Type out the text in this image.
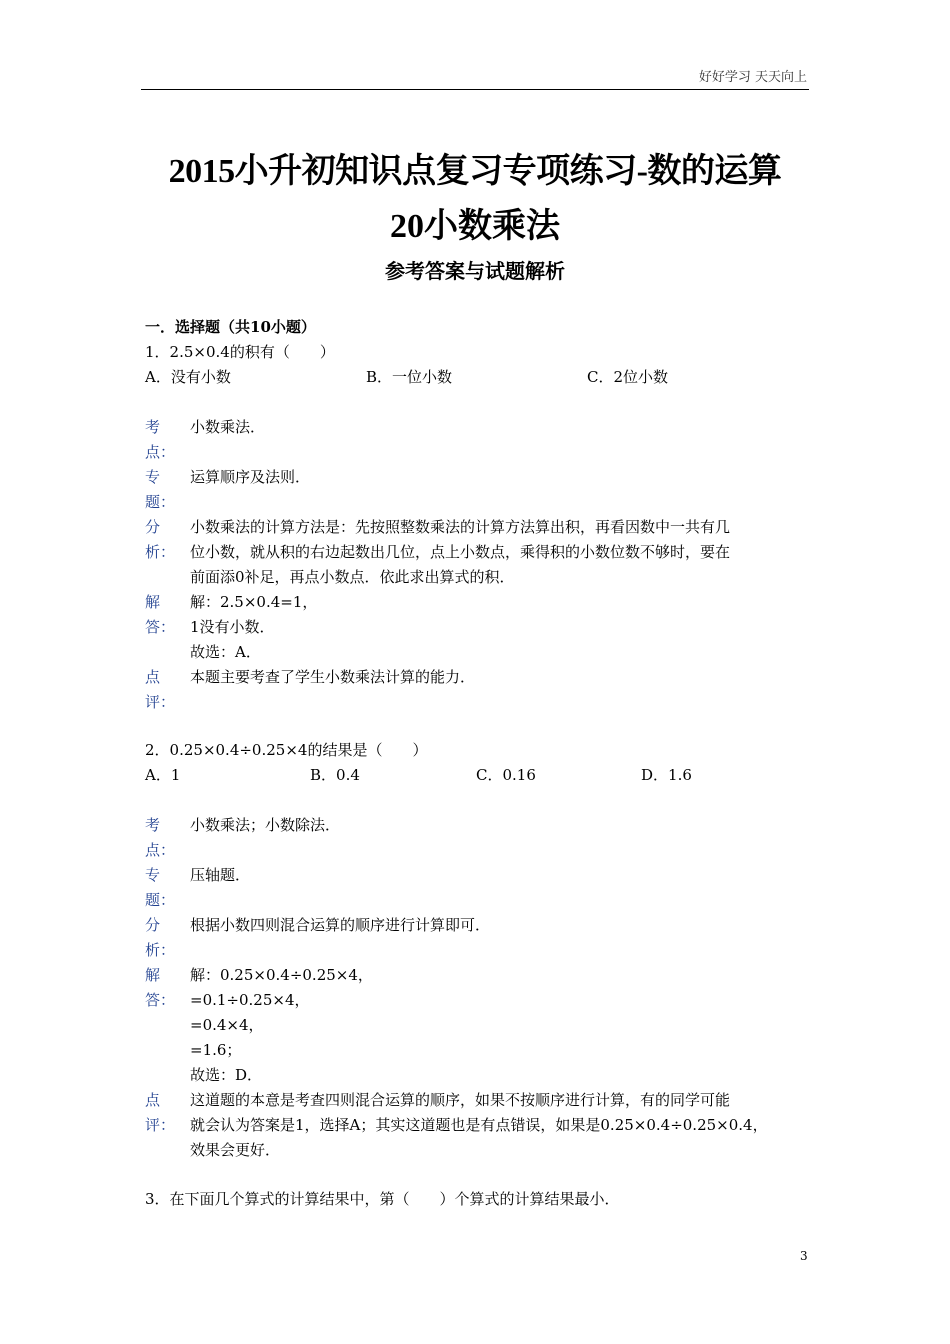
好好学习 天天向上
2015小升初知识点复习专项练习-数的运算
20小数乘法
参考答案与试题解析
一．选择题（共10小题）
1．2.5×0.4的积有（　　）
A．没有小数	B．一位小数	C．2位小数
考
点：
小数乘法．
专
题：
运算顺序及法则．
分
析：
小数乘法的计算方法是：先按照整数乘法的计算方法算出积，再看因数中一共有几
位小数，就从积的右边起数出几位，点上小数点，乘得积的小数位数不够时，要在
前面添0补足，再点小数点．依此求出算式的积．
解
答：
解：2.5×0.4=1，
1没有小数．
故选：A．
点
评：
本题主要考查了学生小数乘法计算的能力．
2．0.25×0.4÷0.25×4的结果是（　　）
A．1	B．0.4	C．0.16	D．1.6
考
点：
小数乘法；小数除法．
专
题：
压轴题．
分
析：
根据小数四则混合运算的顺序进行计算即可．
解
答：
解：0.25×0.4÷0.25×4，
=0.1÷0.25×4，
=0.4×4，
=1.6；
故选：D．
点
评：
这道题的本意是考查四则混合运算的顺序，如果不按顺序进行计算，有的同学可能
就会认为答案是1，选择A；其实这道题也是有点错误，如果是0.25×0.4÷0.25×0.4，
效果会更好．
3．在下面几个算式的计算结果中，第（　　）个算式的计算结果最小．
3
